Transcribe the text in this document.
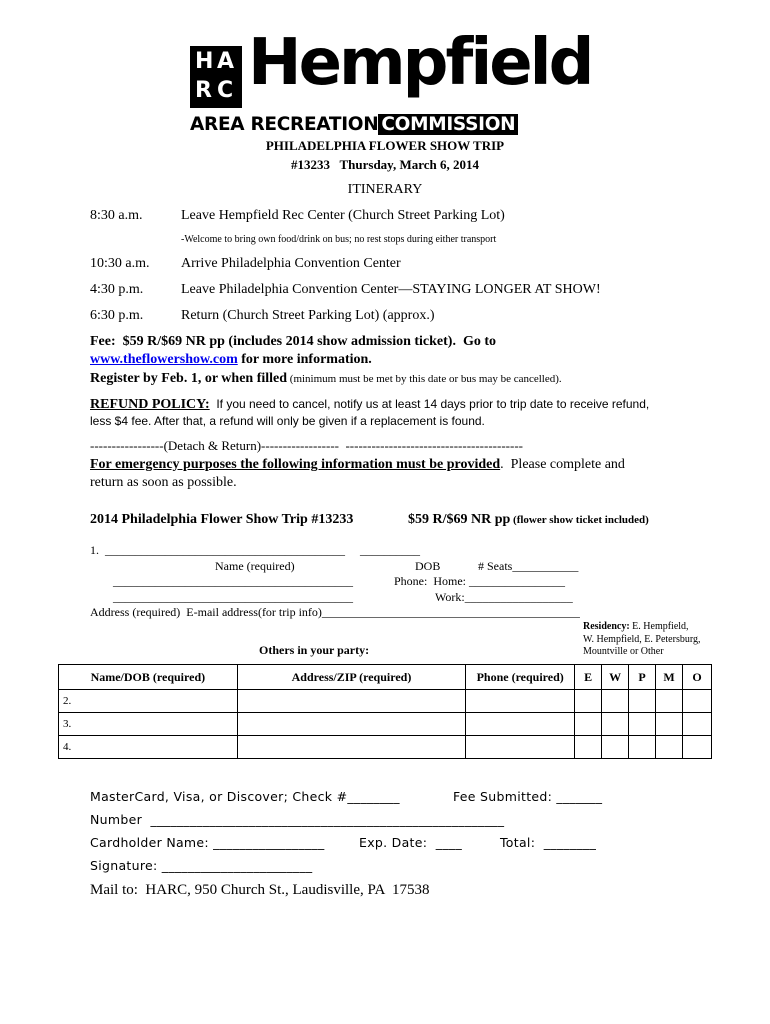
H A
R C Hempfield
AREA RECREATION COMMISSION
PHILADELPHIA FLOWER SHOW TRIP
#13233   Thursday, March 6, 2014
ITINERARY
8:30 a.m.	Leave Hempfield Rec Center (Church Street Parking Lot)
-Welcome to bring own food/drink on bus; no rest stops during either transport
10:30 a.m. Arrive Philadelphia Convention Center
4:30 p.m.	Leave Philadelphia Convention Center—STAYING LONGER AT SHOW!
6:30 p.m.	Return (Church Street Parking Lot) (approx.)
Fee:  $59 R/$69 NR pp (includes 2014 show admission ticket).  Go to
www.theflowershow.com for more information.
Register by Feb. 1, or when filled (minimum must be met by this date or bus may be cancelled).
REFUND POLICY:  If you need to cancel, notify us at least 14 days prior to trip date to receive refund,
less $4 fee. After that, a refund will only be given if a replacement is found.
-----------------(Detach & Return)------------------  -----------------------------------------
For emergency purposes the following information must be provided.  Please complete and
return as soon as possible.
2014 Philadelphia Flower Show Trip #13233	$59 R/$69 NR pp (flower show ticket included)
1.  ________________________________________     __________
Name (required)	DOB	# Seats___________
________________________________________	Phone:  Home: ________________
________________________________________	Work:__________________
Address (required)  E-mail address(for trip info)___________________________________________
Residency: E. Hempfield,
W. Hempfield, E. Petersburg,
Mountville or Other
Others in your party:
Name/DOB (required)	Address/ZIP (required)	Phone (required)	E	W	P	M	O
2.							
3.							
4.							
MasterCard, Visa, or Discover; Check #________	Fee Submitted: _______
Number  ______________________________________________________
Cardholder Name: _________________	Exp. Date:  ____	Total:  ________
Signature: _______________________
Mail to:  HARC, 950 Church St., Laudisville, PA  17538
